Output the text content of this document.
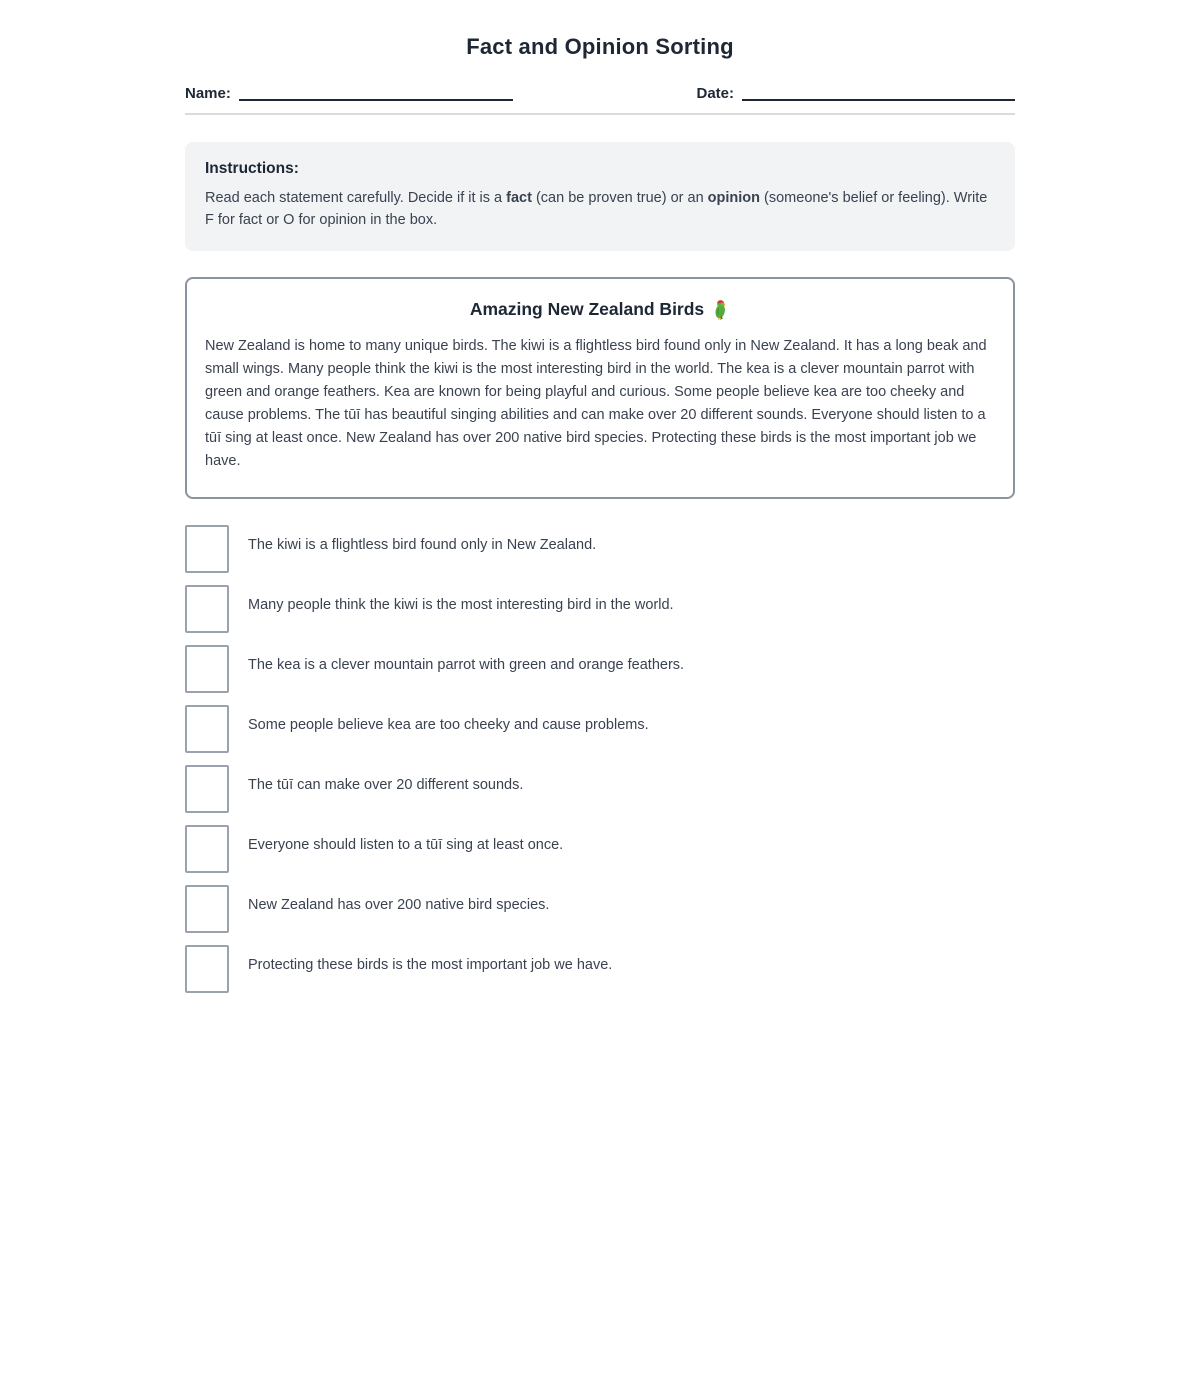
Fact and Opinion Sorting
Name:	Date:
Instructions:

Read each statement carefully. Decide if it is a fact (can be proven true) or an opinion (someone's belief or feeling). Write F for fact or O for opinion in the box.

Amazing New Zealand Birds

New Zealand is home to many unique birds. The kiwi is a flightless bird found only in New Zealand. It has a long beak and small wings. Many people think the kiwi is the most interesting bird in the world. The kea is a clever mountain parrot with green and orange feathers. Kea are known for being playful and curious. Some people believe kea are too cheeky and cause problems. The tūī has beautiful singing abilities and can make over 20 different sounds. Everyone should listen to a tūī sing at least once. New Zealand has over 200 native bird species. Protecting these birds is the most important job we have.

The kiwi is a flightless bird found only in New Zealand.
Many people think the kiwi is the most interesting bird in the world.
The kea is a clever mountain parrot with green and orange feathers.
Some people believe kea are too cheeky and cause problems.
The tūī can make over 20 different sounds.
Everyone should listen to a tūī sing at least once.
New Zealand has over 200 native bird species.
Protecting these birds is the most important job we have.
